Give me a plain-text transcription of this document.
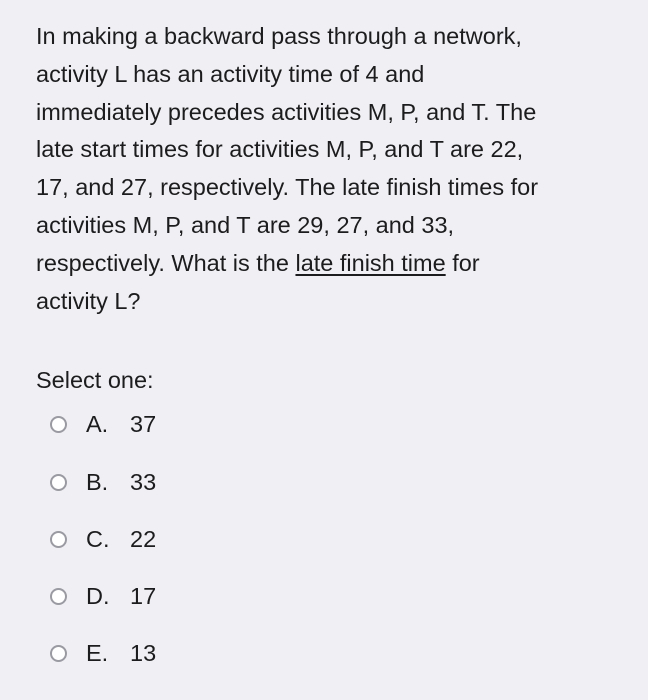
In making a backward pass through a network,
activity L has an activity time of 4 and
immediately precedes activities M, P, and T. The
late start times for activities M, P, and T are 22,
17, and 27, respectively. The late finish times for
activities M, P, and T are 29, 27, and 33,
respectively. What is the late finish time for
activity L?

Select one:

A. 37
B. 33
C. 22
D. 17
E. 13
